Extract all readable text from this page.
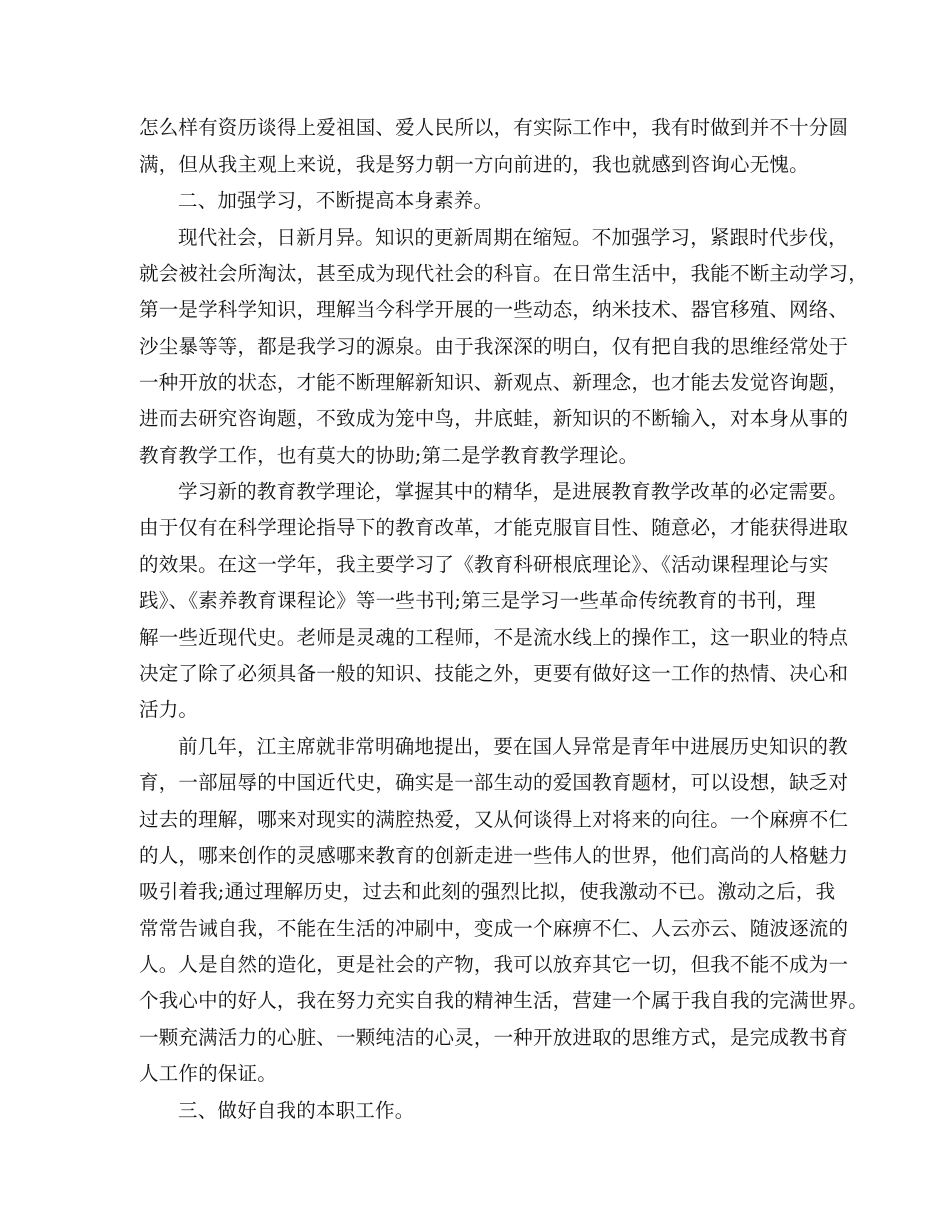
怎么样有资历谈得上爱祖国、爱人民所以，有实际工作中，我有时做到并不十分圆
满，但从我主观上来说，我是努力朝一方向前进的，我也就感到咨询心无愧。
二、加强学习，不断提高本身素养。
现代社会，日新月异。知识的更新周期在缩短。不加强学习，紧跟时代步伐，
就会被社会所淘汰，甚至成为现代社会的科盲。在日常生活中，我能不断主动学习，
第一是学科学知识，理解当今科学开展的一些动态，纳米技术、器官移殖、网络、
沙尘暴等等，都是我学习的源泉。由于我深深的明白，仅有把自我的思维经常处于
一种开放的状态，才能不断理解新知识、新观点、新理念，也才能去发觉咨询题，
进而去研究咨询题，不致成为笼中鸟，井底蛙，新知识的不断输入，对本身从事的
教育教学工作，也有莫大的协助;第二是学教育教学理论。
学习新的教育教学理论，掌握其中的精华，是进展教育教学改革的必定需要。
由于仅有在科学理论指导下的教育改革，才能克服盲目性、随意必，才能获得进取
的效果。在这一学年，我主要学习了《教育科研根底理论》、《活动课程理论与实
践》、《素养教育课程论》等一些书刊;第三是学习一些革命传统教育的书刊，理
解一些近现代史。老师是灵魂的工程师，不是流水线上的操作工，这一职业的特点
决定了除了必须具备一般的知识、技能之外，更要有做好这一工作的热情、决心和
活力。
前几年，江主席就非常明确地提出，要在国人异常是青年中进展历史知识的教
育，一部屈辱的中国近代史，确实是一部生动的爱国教育题材，可以设想，缺乏对
过去的理解，哪来对现实的满腔热爱，又从何谈得上对将来的向往。一个麻痹不仁
的人，哪来创作的灵感哪来教育的创新走进一些伟人的世界，他们高尚的人格魅力
吸引着我;通过理解历史，过去和此刻的强烈比拟，使我激动不已。激动之后，我
常常告诫自我，不能在生活的冲刷中，变成一个麻痹不仁、人云亦云、随波逐流的
人。人是自然的造化，更是社会的产物，我可以放弃其它一切，但我不能不成为一
个我心中的好人，我在努力充实自我的精神生活，营建一个属于我自我的完满世界。
一颗充满活力的心脏、一颗纯洁的心灵，一种开放进取的思维方式，是完成教书育
人工作的保证。
三、做好自我的本职工作。
